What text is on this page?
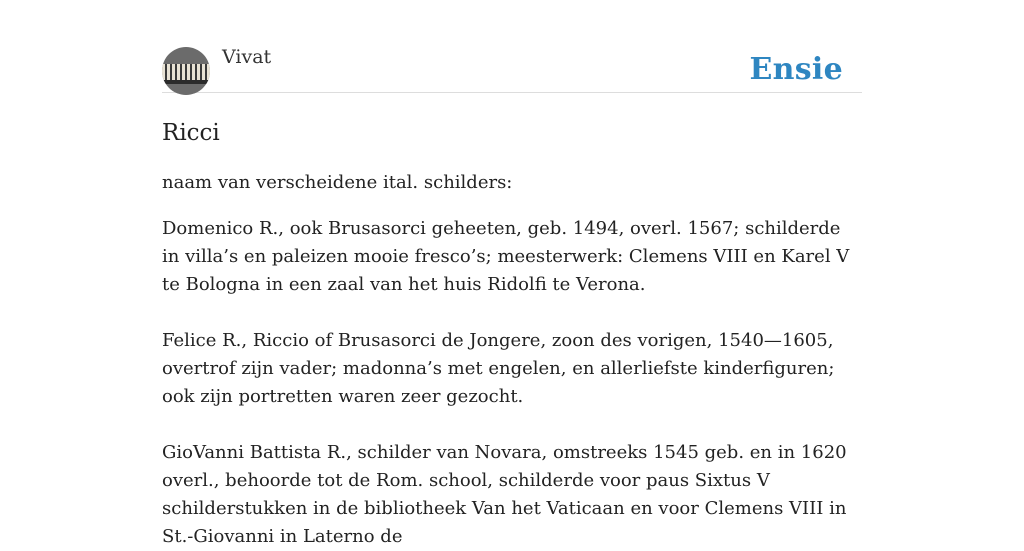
Vivat	Ensie
Ricci

naam van verscheidene ital. schilders:

Domenico R., ook Brusasorci geheeten, geb. 1494, overl. 1567; schilderde in villa’s en paleizen mooie fresco’s; meesterwerk: Clemens VIII en Karel V te Bologna in een zaal van het huis Ridolfi te Verona.

Felice R., Riccio of Brusasorci de Jongere, zoon des vorigen, 1540—1605, overtrof zijn vader; madonna’s met engelen, en allerliefste kinderfiguren; ook zijn portretten waren zeer gezocht.

GioVanni Battista R., schilder van Novara, omstreeks 1545 geb. en in 1620 overl., behoorde tot de Rom. school, schilderde voor paus Sixtus V schilderstukken in de bibliotheek Van het Vaticaan en voor Clemens VIII in St.-Giovanni in Laterno de
